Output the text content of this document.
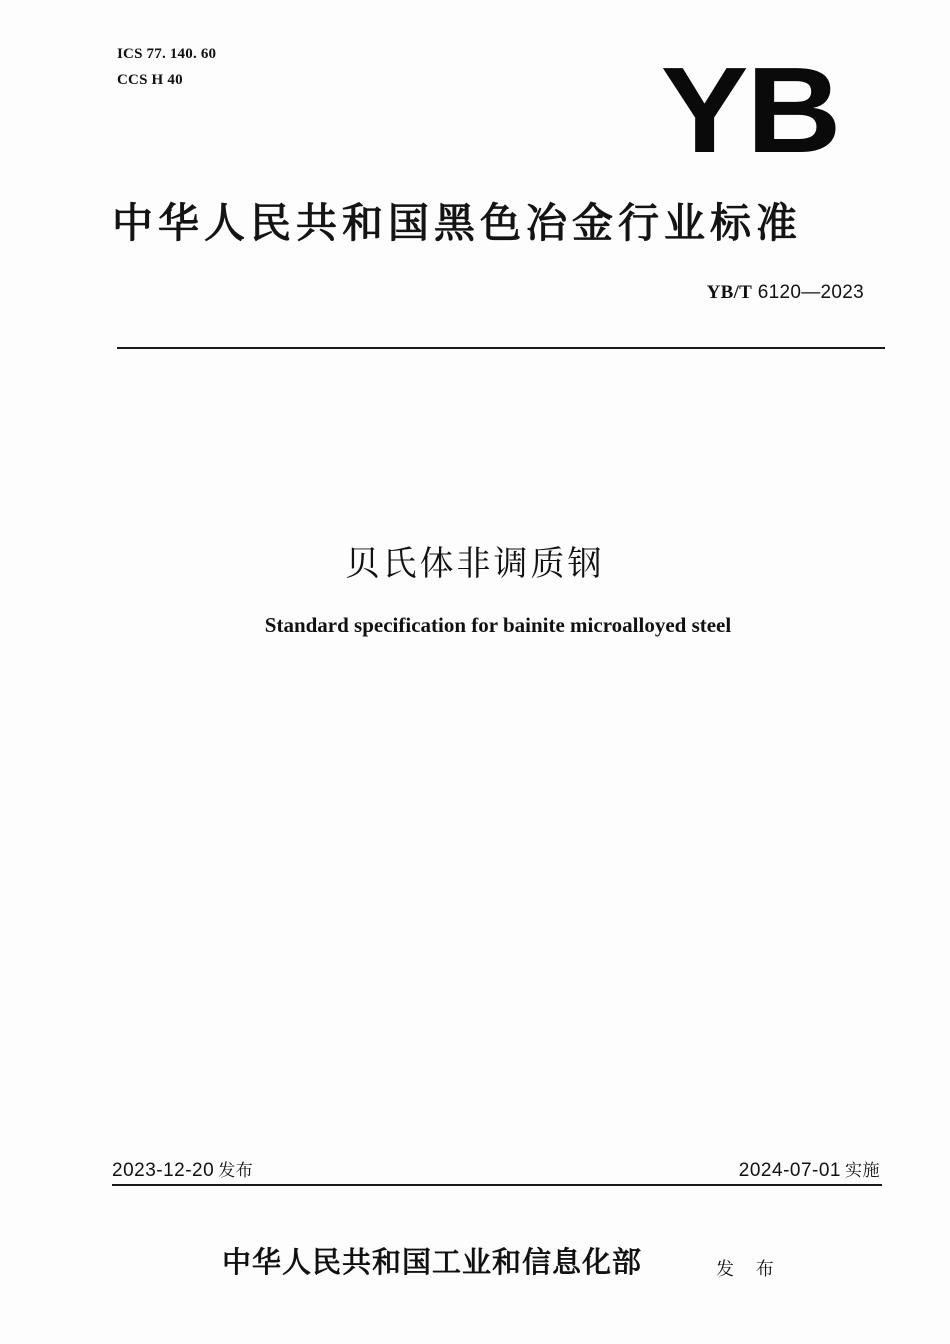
ICS 77. 140. 60
CCS H 40	YB
中华人民共和国黑色冶金行业标准
YB/T 6120—2023
贝氏体非调质钢
Standard specification for bainite microalloyed steel
2023-12-20 发布	2024-07-01 实施
中华人民共和国工业和信息化部	发 布
